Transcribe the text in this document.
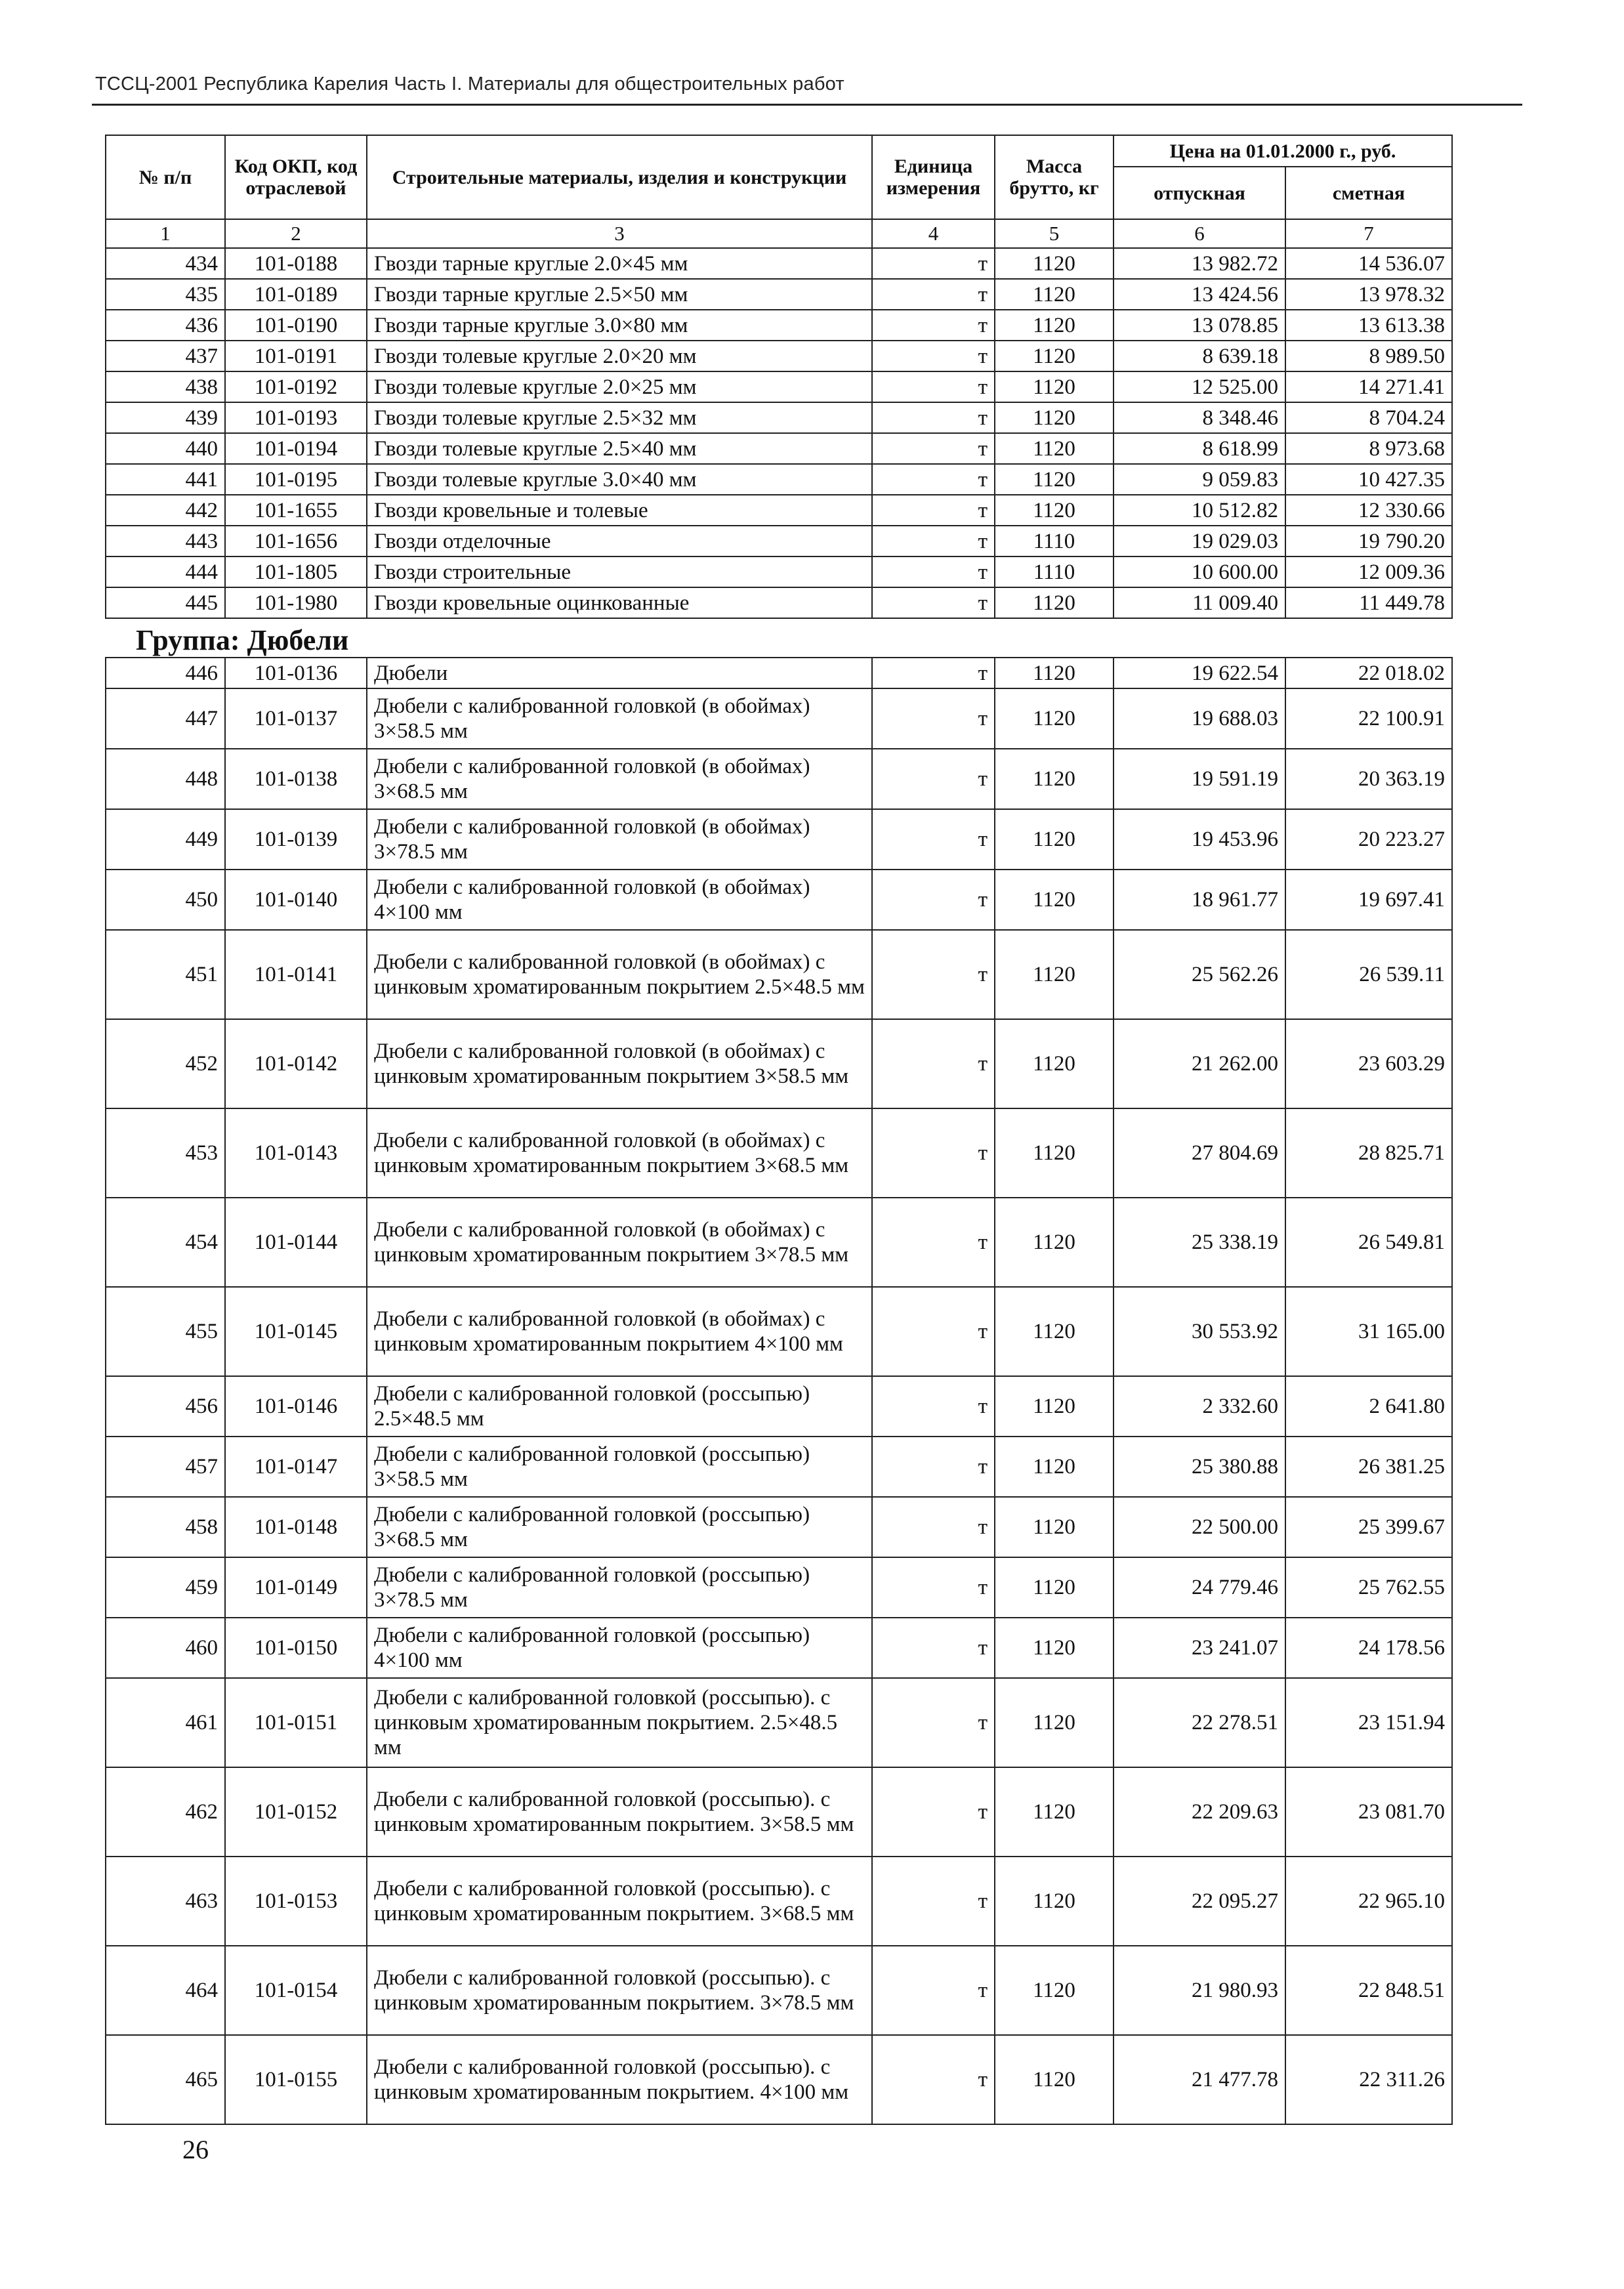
ТССЦ-2001 Республика Карелия Часть I. Материалы для общестроительных работ
№ п/п	Код ОКП, код отраслевой	Строительные материалы, изделия и конструкции	Единица измерения	Масса брутто, кг	Цена на 01.01.2000 г., руб.	
					отпускная	сметная
1	2	3	4	5	6	7
434	101-0188	Гвозди тарные круглые 2.0×45 мм	т	1120	13 982.72	14 536.07
435	101-0189	Гвозди тарные круглые 2.5×50 мм	т	1120	13 424.56	13 978.32
436	101-0190	Гвозди тарные круглые 3.0×80 мм	т	1120	13 078.85	13 613.38
437	101-0191	Гвозди толевые круглые 2.0×20 мм	т	1120	8 639.18	8 989.50
438	101-0192	Гвозди толевые круглые 2.0×25 мм	т	1120	12 525.00	14 271.41
439	101-0193	Гвозди толевые круглые 2.5×32 мм	т	1120	8 348.46	8 704.24
440	101-0194	Гвозди толевые круглые 2.5×40 мм	т	1120	8 618.99	8 973.68
441	101-0195	Гвозди толевые круглые 3.0×40 мм	т	1120	9 059.83	10 427.35
442	101-1655	Гвозди кровельные и толевые	т	1120	10 512.82	12 330.66
443	101-1656	Гвозди отделочные	т	1110	19 029.03	19 790.20
444	101-1805	Гвозди строительные	т	1110	10 600.00	12 009.36
445	101-1980	Гвозди кровельные оцинкованные	т	1120	11 009.40	11 449.78
Группа: Дюбели						
446	101-0136	Дюбели	т	1120	19 622.54	22 018.02
447	101-0137	Дюбели с калиброванной головкой (в обоймах) 3×58.5 мм	т	1120	19 688.03	22 100.91
448	101-0138	Дюбели с калиброванной головкой (в обоймах) 3×68.5 мм	т	1120	19 591.19	20 363.19
449	101-0139	Дюбели с калиброванной головкой (в обоймах) 3×78.5 мм	т	1120	19 453.96	20 223.27
450	101-0140	Дюбели с калиброванной головкой (в обоймах) 4×100 мм	т	1120	18 961.77	19 697.41
451	101-0141	Дюбели с калиброванной головкой (в обоймах) с цинковым хроматированным покрытием 2.5×48.5 мм	т	1120	25 562.26	26 539.11
452	101-0142	Дюбели с калиброванной головкой (в обоймах) с цинковым хроматированным покрытием 3×58.5 мм	т	1120	21 262.00	23 603.29
453	101-0143	Дюбели с калиброванной головкой (в обоймах) с цинковым хроматированным покрытием 3×68.5 мм	т	1120	27 804.69	28 825.71
454	101-0144	Дюбели с калиброванной головкой (в обоймах) с цинковым хроматированным покрытием 3×78.5 мм	т	1120	25 338.19	26 549.81
455	101-0145	Дюбели с калиброванной головкой (в обоймах) с цинковым хроматированным покрытием 4×100 мм	т	1120	30 553.92	31 165.00
456	101-0146	Дюбели с калиброванной головкой (россыпью) 2.5×48.5 мм	т	1120	2 332.60	2 641.80
457	101-0147	Дюбели с калиброванной головкой (россыпью) 3×58.5 мм	т	1120	25 380.88	26 381.25
458	101-0148	Дюбели с калиброванной головкой (россыпью) 3×68.5 мм	т	1120	22 500.00	25 399.67
459	101-0149	Дюбели с калиброванной головкой (россыпью) 3×78.5 мм	т	1120	24 779.46	25 762.55
460	101-0150	Дюбели с калиброванной головкой (россыпью) 4×100 мм	т	1120	23 241.07	24 178.56
461	101-0151	Дюбели с калиброванной головкой (россыпью). с цинковым хроматированным покрытием. 2.5×48.5 мм	т	1120	22 278.51	23 151.94
462	101-0152	Дюбели с калиброванной головкой (россыпью). с цинковым хроматированным покрытием. 3×58.5 мм	т	1120	22 209.63	23 081.70
463	101-0153	Дюбели с калиброванной головкой (россыпью). с цинковым хроматированным покрытием. 3×68.5 мм	т	1120	22 095.27	22 965.10
464	101-0154	Дюбели с калиброванной головкой (россыпью). с цинковым хроматированным покрытием. 3×78.5 мм	т	1120	21 980.93	22 848.51
465	101-0155	Дюбели с калиброванной головкой (россыпью). с цинковым хроматированным покрытием. 4×100 мм	т	1120	21 477.78	22 311.26
26
